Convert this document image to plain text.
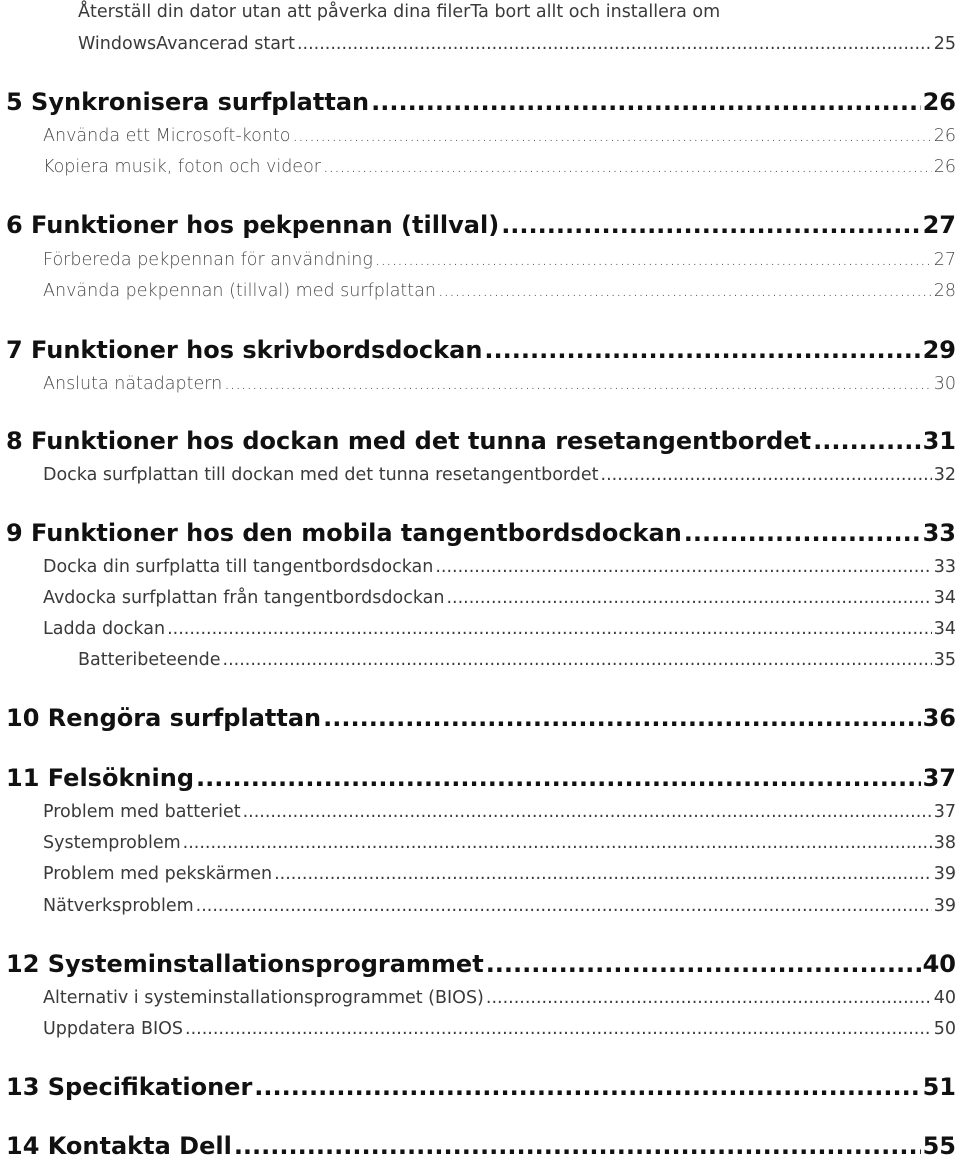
Återställ din dator utan att påverka dina filerTa bort allt och installera om
WindowsAvancerad start .....	25
5 Synkronisera surfplattan .....	26
Använda ett Microsoft-konto .....	26
Kopiera musik, foton och videor .....	26
6 Funktioner hos pekpennan (tillval) .....	27
Förbereda pekpennan för användning .....	27
Använda pekpennan (tillval) med surfplattan .....	28
7 Funktioner hos skrivbordsdockan .....	29
Ansluta nätadaptern .....	30
8 Funktioner hos dockan med det tunna resetangentbordet .....	31
Docka surfplattan till dockan med det tunna resetangentbordet .....	32
9 Funktioner hos den mobila tangentbordsdockan .....	33
Docka din surfplatta till tangentbordsdockan .....	33
Avdocka surfplattan från tangentbordsdockan .....	34
Ladda dockan .....	34
Batteribeteende .....	35
10 Rengöra surfplattan .....	36
11 Felsökning .....	37
Problem med batteriet .....	37
Systemproblem .....	38
Problem med pekskärmen .....	39
Nätverksproblem .....	39
12 Systeminstallationsprogrammet .....	40
Alternativ i systeminstallationsprogrammet (BIOS) .....	40
Uppdatera BIOS .....	50
13 Specifikationer .....	51
14 Kontakta Dell .....	55
